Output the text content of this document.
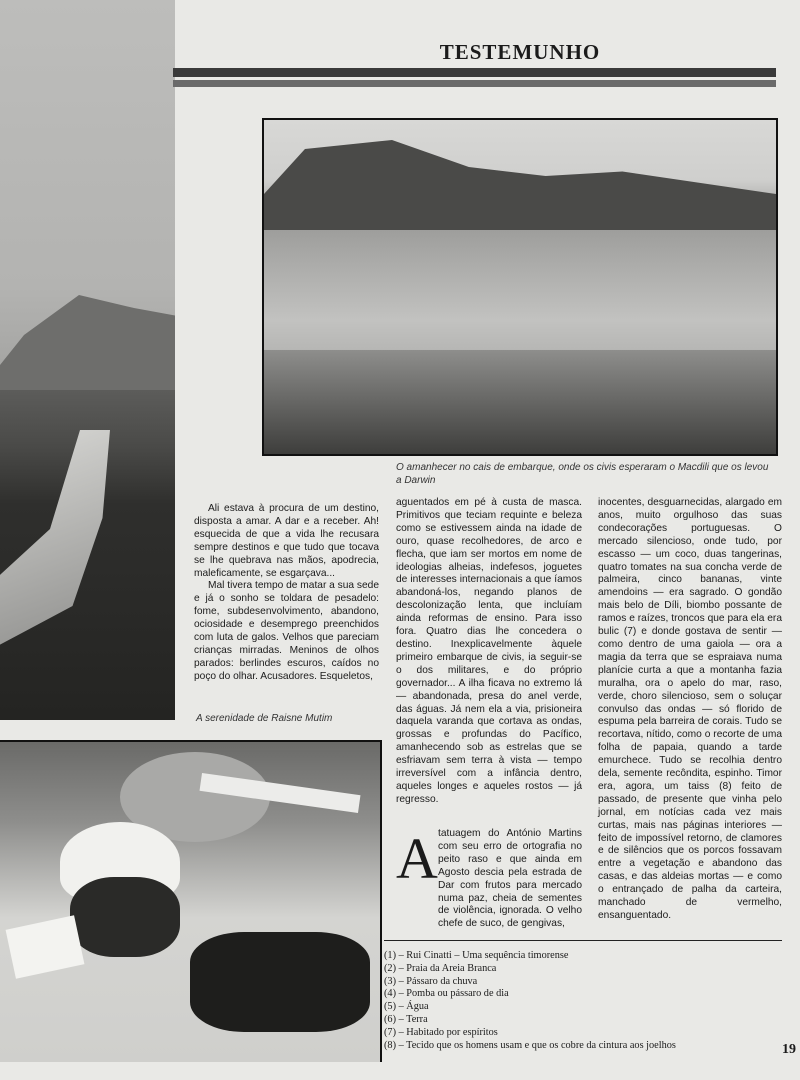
TESTEMUNHO
O amanhecer no cais de embarque, onde os civis esperaram o Macdili que os levou a Darwin
A serenidade de Raisne Mutim
Ali estava à procura de um destino, disposta a amar. A dar e a receber. Ah! esquecida de que a vida lhe recusara sempre destinos e que tudo que tocava se lhe quebrava nas mãos, apodrecia, maleficamente, se esgarçava...
Mal tivera tempo de matar a sua sede e já o sonho se toldara de pesadelo: fome, subdesenvolvimento, abandono, ociosidade e desemprego preenchidos com luta de galos. Velhos que pareciam crianças mirradas. Meninos de olhos parados: berlindes escuros, caídos no poço do olhar. Acusadores. Esqueletos,
aguentados em pé à custa de masca. Primitivos que teciam requinte e beleza como se estivessem ainda na idade de ouro, quase recolhedores, de arco e flecha, que iam ser mortos em nome de ideologias alheias, indefesos, joguetes de interesses internacionais a que íamos abandoná-los, negando planos de descolonização lenta, que incluíam ainda reformas de ensino. Para isso fora. Quatro dias lhe concedera o destino. Inexplicavelmente àquele primeiro embarque de civis, ia seguir-se o dos militares, e do próprio governador... A ilha ficava no extremo lá — abandonada, presa do anel verde, das águas. Já nem ela a via, prisioneira daquela varanda que cortava as ondas, grossas e profundas do Pacífico, amanhecendo sob as estrelas que se esfriavam sem terra à vista — tempo irreversível com a infância dentro, aqueles longes e aqueles rostos — já regresso.
A tatuagem do António Martins com seu erro de ortografia no peito raso e que ainda em Agosto descia pela estrada de Dar com frutos para mercado numa paz, cheia de sementes de violência, ignorada. O velho chefe de suco, de gengivas,
inocentes, desguarnecidas, alargado em anos, muito orgulhoso das suas condecorações portuguesas. O mercado silencioso, onde tudo, por escasso — um coco, duas tangerinas, quatro tomates na sua concha verde de palmeira, cinco bananas, vinte amendoins — era sagrado. O gondão mais belo de Díli, biombo possante de ramos e raízes, troncos que para ela era bulic (7) e donde gostava de sentir — como dentro de uma gaiola — ora a magia da terra que se espraiava numa planície curta a que a montanha fazia muralha, ora o apelo do mar, raso, verde, choro silencioso, sem o soluçar convulso das ondas — só florido de espuma pela barreira de corais. Tudo se recortava, nítido, como o recorte de uma folha de papaia, quando a tarde emurchece. Tudo se recolhia dentro dela, semente recôndita, espinho. Timor era, agora, um taiss (8) feito de passado, de presente que vinha pelo jornal, em notícias cada vez mais curtas, mais nas páginas interiores — feito de impossível retorno, de clamores e de silêncios que os porcos fossavam entre a vegetação e abandono das casas, e das aldeias mortas — e como o entrançado de palha da carteira, manchado de vermelho, ensanguentado.
(1) – Rui Cinatti – Uma sequência timorense
(2) – Praia da Areia Branca
(3) – Pássaro da chuva
(4) – Pomba ou pássaro de dia
(5) – Água
(6) – Terra
(7) – Habitado por espíritos
(8) – Tecido que os homens usam e que os cobre da cintura aos joelhos	19
